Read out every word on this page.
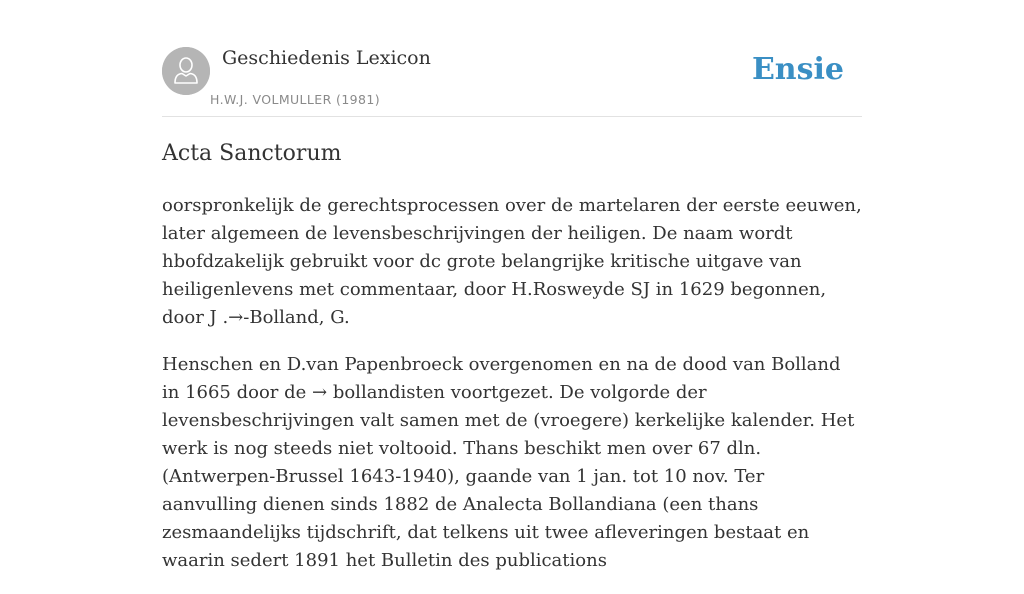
Geschiedenis Lexicon
H.W.J. VOLMULLER (1981)
Ensie
Acta Sanctorum

oorspronkelijk de gerechtsprocessen over de martelaren der eerste eeuwen, later algemeen de levensbeschrijvingen der heiligen. De naam wordt hbofdzakelijk gebruikt voor dc grote belangrijke kritische uitgave van heiligenlevens met commentaar, door H.Rosweyde SJ in 1629 begonnen, door J .→-Bolland, G.

Henschen en D.van Papenbroeck overgenomen en na de dood van Bolland in 1665 door de → bollandisten voortgezet. De volgorde der levensbeschrijvingen valt samen met de (vroegere) kerkelijke kalender. Het werk is nog steeds niet voltooid. Thans beschikt men over 67 dln. (Antwerpen-Brussel 1643-1940), gaande van 1 jan. tot 10 nov. Ter aanvulling dienen sinds 1882 de Analecta Bollandiana (een thans zesmaandelijks tijdschrift, dat telkens uit twee afleveringen bestaat en waarin sedert 1891 het Bulletin des publications
